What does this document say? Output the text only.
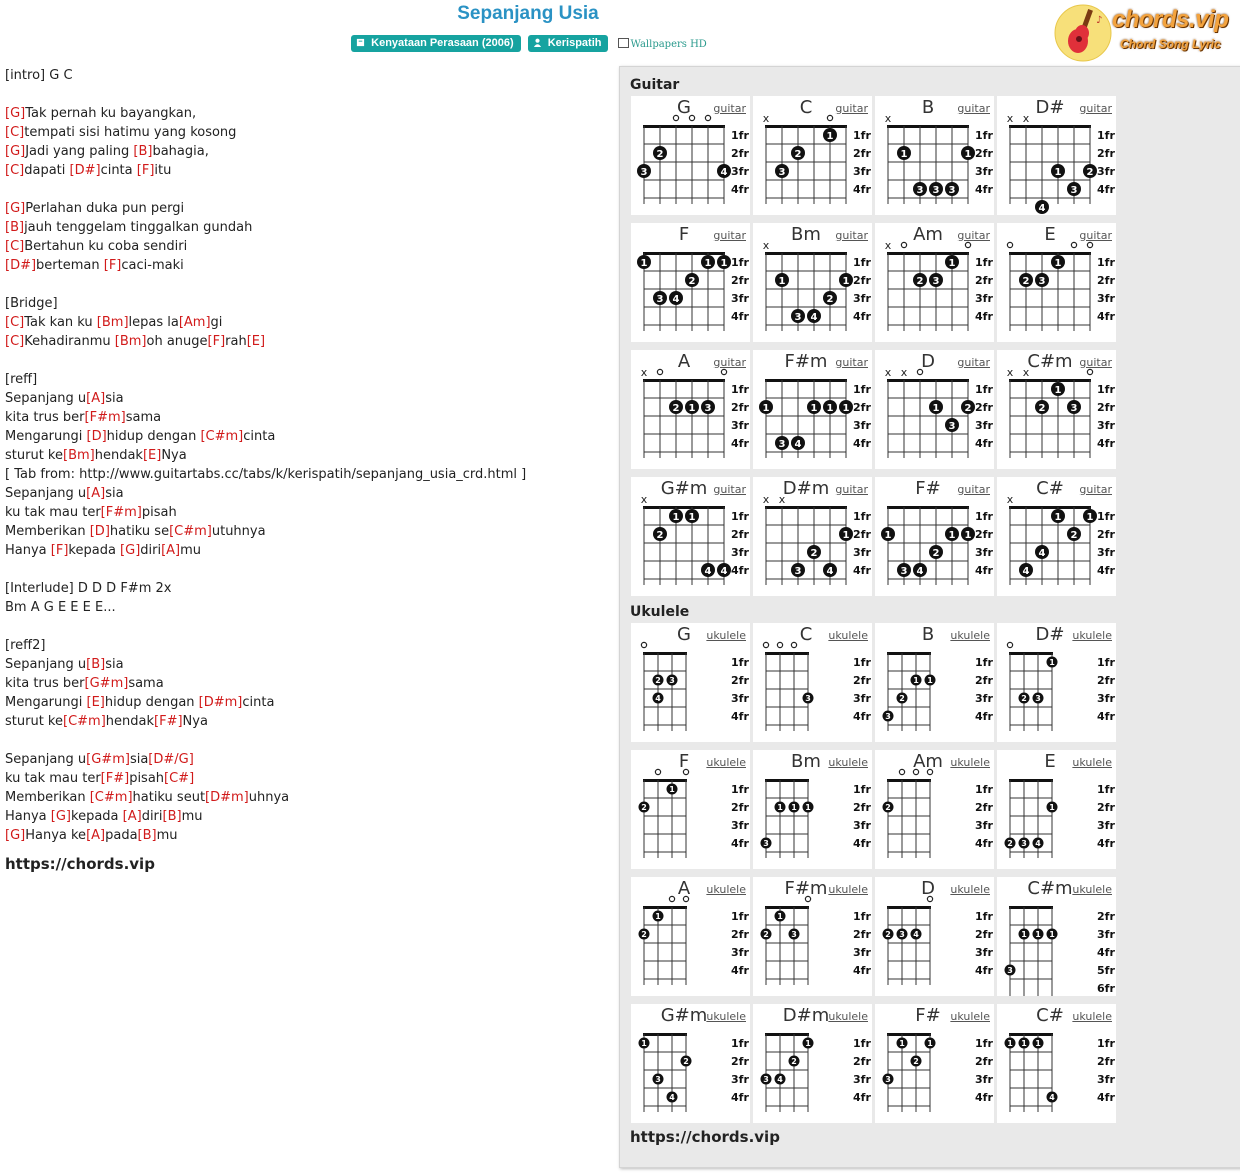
Sepanjang Usia
Kenyataan Perasaan (2006)	Kerispatih	Wallpapers HD
♪ chords.vip
Chord Song Lyric
[intro] G C
[G]Tak pernah ku bayangkan,
[C]tempati sisi hatimu yang kosong
[G]Jadi yang paling [B]bahagia,
[C]dapati [D#]cinta [F]itu
[G]Perlahan duka pun pergi
[B]jauh tenggelam tinggalkan gundah
[C]Bertahun ku coba sendiri
[D#]berteman [F]caci-maki
[Bridge]
[C]Tak kan ku [Bm]lepas la[Am]gi
[C]Kehadiranmu [Bm]oh anuge[F]rah[E]
[reff]
Sepanjang u[A]sia
kita trus ber[F#m]sama
Mengarungi [D]hidup dengan [C#m]cinta
sturut ke[Bm]hendak[E]Nya
[ Tab from: http://www.guitartabs.cc/tabs/k/kerispatih/sepanjang_usia_crd.html ]
Sepanjang u[A]sia
ku tak mau ter[F#m]pisah
Memberikan [D]hatiku se[C#m]utuhnya
Hanya [F]kepada [G]diri[A]mu
[Interlude] D D D F#m 2x
Bm A G E E E E...
[reff2]
Sepanjang u[B]sia
kita trus ber[G#m]sama
Mengarungi [E]hidup dengan [D#m]cinta
sturut ke[C#m]hendak[F#]Nya
Sepanjang u[G#m]sia[D#/G]
ku tak mau ter[F#]pisah[C#]
Memberikan [C#m]hatiku seut[D#m]uhnya
Hanya [G]kepada [A]diri[B]mu
[G]Hanya ke[A]pada[B]mu
https://chords.vip
Guitar
1fr
2fr
3fr
4fr
2
3	4
G	guitar
1fr
2fr
3fr
4fr
x
1
2
3
C	guitar
1fr
2fr
3fr
4fr
x
1	1
3 3 3
B	guitar
1fr
2fr
3fr
4fr
x x
1	2
3
4
D#	guitar
1fr
2fr
3fr
4fr
1	1 1
2
3 4
F	guitar
1fr
2fr
3fr
4fr
x
1	1
2
3 4
Bm	guitar
1fr
2fr
3fr
4fr
x
1
2 3
Am	guitar
1fr
2fr
3fr
4fr
1
2 3
E	guitar
1fr
2fr
3fr
4fr
x
2 1 3
A	guitar
1fr
2fr
3fr
4fr
1	1 1 1
3 4
F#m guitar
1fr
2fr
3fr
4fr
x x
1	2
3
D	guitar
1fr
2fr
3fr
4fr
x x
1
2	3
C#m guitar
1fr
2fr
3fr
4fr
x
1 1
2
4 4
G#m guitar
1fr
2fr
3fr
4fr
x x
1
2
3	4
D#m guitar
1fr
2fr
3fr
4fr
1	1 1
2
3 4
F#	guitar
1fr
2fr
3fr
4fr
x
1	1
2
4
4
C#	guitar
Ukulele
1fr
2fr
3fr
4fr
2 3
4
G	ukulele
1fr
2fr
3fr
4fr
3
C	ukulele
1fr
2fr
3fr
4fr
1 1
2
3
B	ukulele
1fr
2fr
3fr
4fr
1
2 3
D# ukulele
1fr
2fr
3fr
4fr
1
2
F	ukulele
1fr
2fr
3fr
4fr
1 1 1
3
Bm ukulele
1fr
2fr
3fr
4fr
2
Am ukulele
1fr
2fr
3fr
4fr
1
2 3 4
E	ukulele
1fr
2fr
3fr
4fr
1
2
A	ukulele
1fr
2fr
3fr
4fr
1
2	3
F#m ukulele
1fr
2fr
3fr
4fr
2 3 4
D	ukulele
2fr
3fr
4fr
5fr
6fr
1 1 1
3
C#m ukulele
1fr
2fr
3fr
4fr
1
2
3
4
G#m ukulele
1fr
2fr
3fr
4fr
1
2
3 4
D#m ukulele
1fr
2fr
3fr
4fr
1	1
2
3
F# ukulele
1fr
2fr
3fr
4fr
1 1 1
4
C# ukulele
https://chords.vip
